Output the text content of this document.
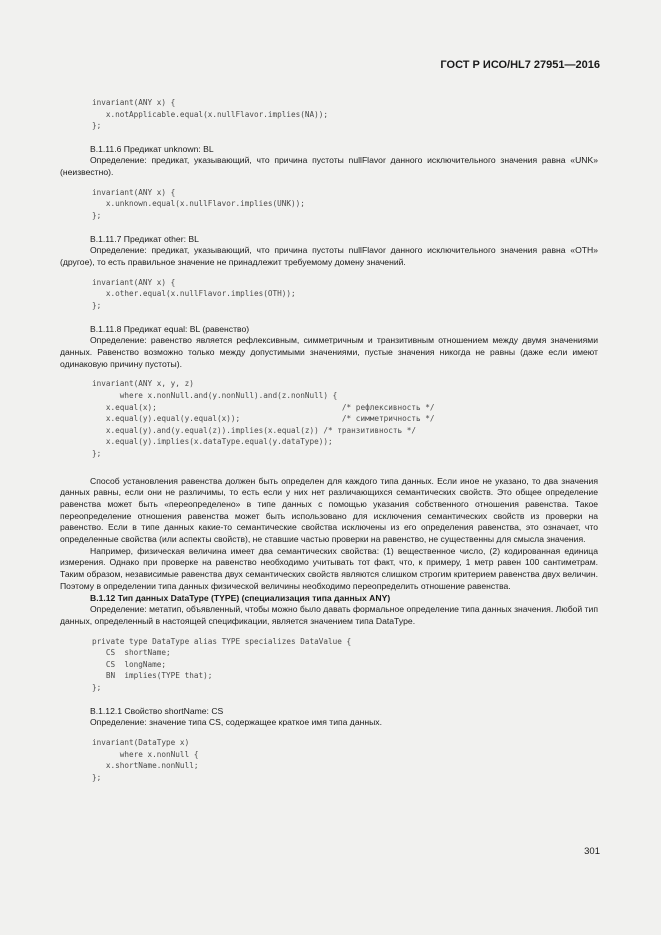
ГОСТ Р ИСО/HL7 27951—2016
invariant(ANY x) {
x.notApplicable.equal(x.nullFlavor.implies(NA));
};

B.1.11.6 Предикат unknown: BL

Определение: предикат, указывающий, что причина пустоты nullFlavor данного исключительного значения равна «UNK» (неизвестно).

invariant(ANY x) {
x.unknown.equal(x.nullFlavor.implies(UNK));
};

B.1.11.7 Предикат other: BL

Определение: предикат, указывающий, что причина пустоты nullFlavor данного исключительного значения равна «OTH» (другое), то есть правильное значение не принадлежит требуемому домену значений.

invariant(ANY x) {
x.other.equal(x.nullFlavor.implies(OTH));
};

B.1.11.8 Предикат equal: BL (равенство)

Определение: равенство является рефлексивным, симметричным и транзитивным отношением между двумя значениями данных. Равенство возможно только между допустимыми значениями, пустые значения никогда не равны (даже если имеют одинаковую причину пустоты).

invariant(ANY x, y, z)
where x.nonNull.and(y.nonNull).and(z.nonNull) {
x.equal(x);                                        /* рефлексивность */
x.equal(y).equal(y.equal(x));                      /* симметричность */
x.equal(y).and(y.equal(z)).implies(x.equal(z)) /* транзитивность */
x.equal(y).implies(x.dataType.equal(y.dataType));
};

Способ установления равенства должен быть определен для каждого типа данных. Если иное не указано, то два значения данных равны, если они не различимы, то есть если у них нет различающихся семантических свойств. Это общее определение равенства может быть «переопределено» в типе данных с помощью указания собственного отношения равенства. Такое переопределение отношения равенства может быть использовано для исключения семантических свойств из проверки на равенство. Если в типе данных какие-то семантические свойства исключены из его определения равенства, это означает, что определенные свойства (или аспекты свойств), не ставшие частью проверки на равенство, не существенны для смысла значения.

Например, физическая величина имеет два семантических свойства: (1) вещественное число, (2) кодированная единица измерения. Однако при проверке на равенство необходимо учитывать тот факт, что, к примеру, 1 метр равен 100 сантиметрам. Таким образом, независимые равенства двух семантических свойств являются слишком строгим критерием равенства двух величин. Поэтому в определении типа данных физической величины необходимо переопределить отношение равенства.

B.1.12 Тип данных DataType (TYPE) (специализация типа данных ANY)

Определение: метатип, объявленный, чтобы можно было давать формальное определение типа данных значения. Любой тип данных, определенный в настоящей спецификации, является значением типа DataType.

private type DataType alias TYPE specializes DataValue {
CS  shortName;
CS  longName;
BN  implies(TYPE that);
};

B.1.12.1 Свойство shortName: CS

Определение: значение типа CS, содержащее краткое имя типа данных.

invariant(DataType x)
where x.nonNull {
x.shortName.nonNull;
};
301
